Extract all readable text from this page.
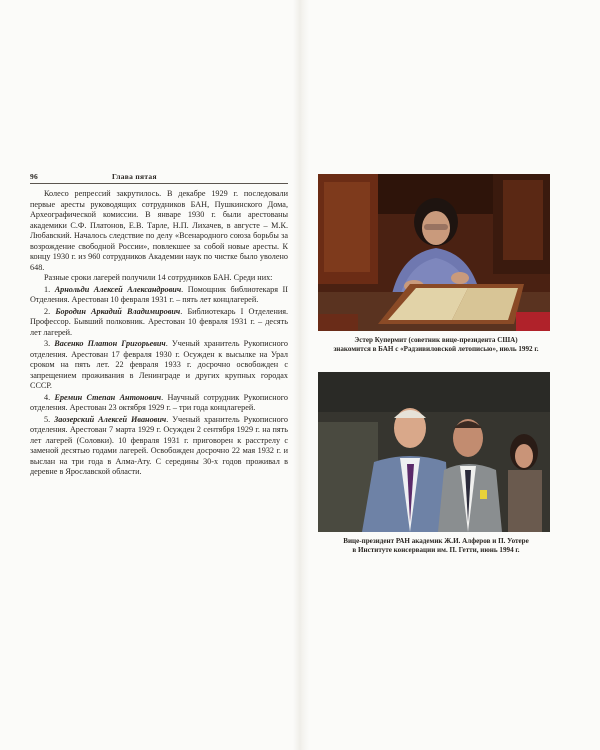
96	Глава пятая

Колесо репрессий закрутилось. В декабре 1929 г. последовали первые аресты руководящих сотрудников БАН, Пушкинского Дома, Археографической комиссии. В январе 1930 г. были арестованы академики С.Ф. Платонов, Е.В. Тарле, Н.П. Лихачев, в августе – М.К. Любавский. Началось следствие по делу «Всенародного союза борьбы за возрождение свободной России», повлекшее за собой новые аресты. К концу 1930 г. из 960 сотрудников Академии наук по чистке было уволено 648.

Разные сроки лагерей получили 14 сотрудников БАН. Среди них:

1. Арнольди Алексей Александрович. Помощник библиотекаря II Отделения. Арестован 10 февраля 1931 г. – пять лет концлагерей.

2. Бородин Аркадий Владимирович. Библиотекарь I Отделения. Профессор. Бывший полковник. Арестован 10 февраля 1931 г. – десять лет лагерей.

3. Васенко Платон Григорьевич. Ученый хранитель Рукописного отделения. Арестован 17 февраля 1930 г. Осужден к высылке на Урал сроком на пять лет. 22 февраля 1933 г. досрочно освобожден с запрещением проживания в Ленинграде и других крупных городах СССР.

4. Еремин Степан Антонович. Научный сотрудник Рукописного отделения. Арестован 23 октября 1929 г. – три года концлагерей.

5. Заозерский Алексей Иванович. Ученый хранитель Рукописного отделения. Арестован 7 марта 1929 г. Осужден 2 сентября 1929 г. на пять лет лагерей (Соловки). 10 февраля 1931 г. приговорен к расстрелу с заменой десятью годами лагерей. Освобожден досрочно 22 мая 1932 г. и выслан на три года в Алма-Ату. С середины 30-х годов проживал в деревне в Ярославской области.

Эстер Купермит (советник вице-президента США)
знакомится в БАН с «Радзивиловской летописью», июль 1992 г.
Вице-президент РАН академик Ж.И. Алферов и П. Уотере
в Институте консервации им. П. Гетти, июнь 1994 г.
